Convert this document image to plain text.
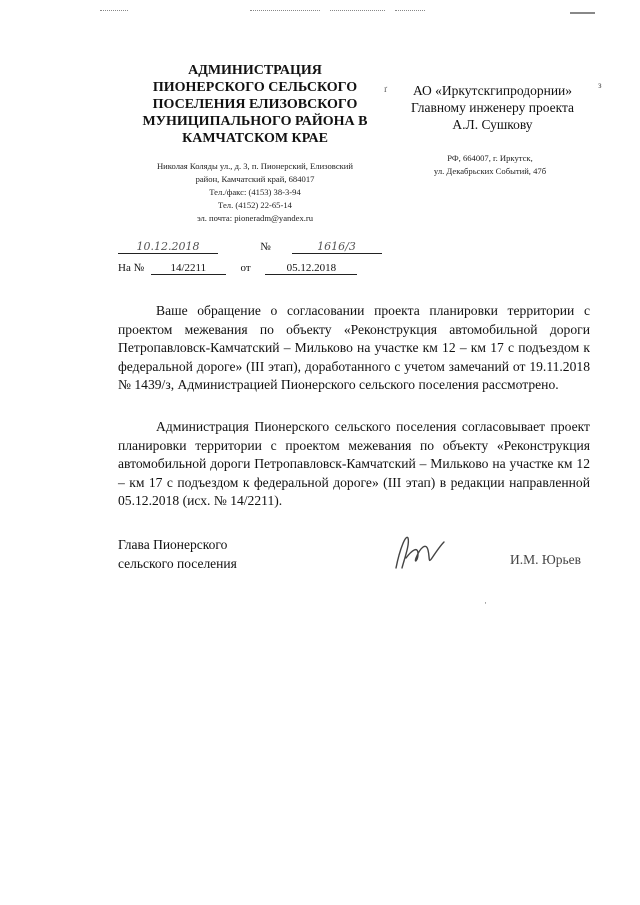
АДМИНИСТРАЦИЯ
ПИОНЕРСКОГО СЕЛЬСКОГО
ПОСЕЛЕНИЯ ЕЛИЗОВСКОГО
МУНИЦИПАЛЬНОГО РАЙОНА В
КАМЧАТСКОМ КРАЕ
Николая Коляды ул., д. 3, п. Пионерский, Елизовский
район, Камчатский край, 684017
Тел./факс: (4153) 38-3-94
Тел. (4152) 22-65-14
эл. почта: pioneradm@yandex.ru
10.12.2018	№	1616/3
На № 14/2211	от	05.12.2018
ґ	з
АО «Иркутскгипродорнии»
Главному инженеру проекта
А.Л. Сушкову
РФ, 664007, г. Иркутск,
ул. Декабрьских Событий, 47б

Ваше обращение о согласовании проекта планировки территории с проектом межевания по объекту «Реконструкция автомобильной дороги Петропавловск-Камчатский – Мильково на участке км 12 – км 17 с подъездом к федеральной дороге» (III этап), доработанного с учетом замечаний от 19.11.2018 № 1439/з, Администрацией Пионерского сельского поселения рассмотрено.

Администрация Пионерского сельского поселения согласовывает проект планировки территории с проектом межевания по объекту «Реконструкция автомобильной дороги Петропавловск-Камчатский – Мильково на участке км 12 – км 17 с подъездом к федеральной дороге» (III этап) в редакции направленной 05.12.2018 (исх. № 14/2211).

Глава Пионерского
сельского поселения	И.М. Юрьев
·
